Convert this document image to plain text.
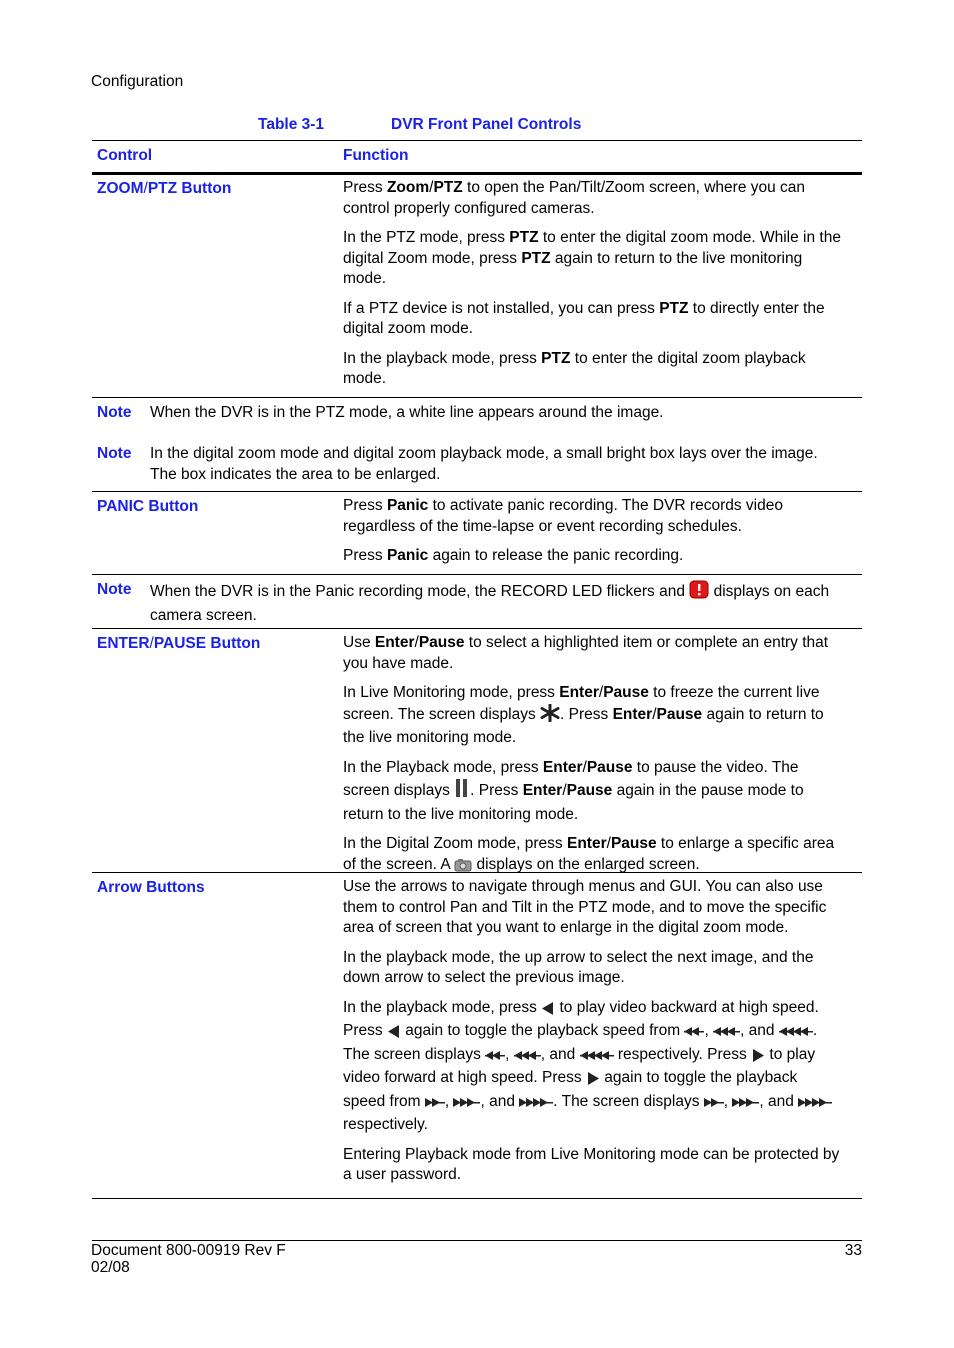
Configuration
Table 3-1	DVR Front Panel Controls
Control	Function
ZOOM/PTZ Button	Press Zoom/PTZ to open the Pan/Tilt/Zoom screen, where you can control properly configured cameras.

In the PTZ mode, press PTZ to enter the digital zoom mode. While in the digital Zoom mode, press PTZ again to return to the live monitoring mode.

If a PTZ device is not installed, you can press PTZ to directly enter the digital zoom mode.

In the playback mode, press PTZ to enter the digital zoom playback mode.

Note When the DVR is in the PTZ mode, a white line appears around the image.
Note In the digital zoom mode and digital zoom playback mode, a small bright box lays over the image. The box indicates the area to be enlarged.
PANIC Button	Press Panic to activate panic recording. The DVR records video regardless of the time-lapse or event recording schedules.

Press Panic again to release the panic recording.

Note When the DVR is in the Panic recording mode, the RECORD LED flickers and  displays on each camera screen.
ENTER/PAUSE Button	Use Enter/Pause to select a highlighted item or complete an entry that you have made.

In Live Monitoring mode, press Enter/Pause to freeze the current live screen. The screen displays . Press Enter/Pause again to return to the live monitoring mode.

In the Playback mode, press Enter/Pause to pause the video. The screen displays . Press Enter/Pause again in the pause mode to return to the live monitoring mode.

In the Digital Zoom mode, press Enter/Pause to enlarge a specific area of the screen. A  displays on the enlarged screen.

Arrow Buttons	Use the arrows to navigate through menus and GUI. You can also use them to control Pan and Tilt in the PTZ mode, and to move the specific area of screen that you want to enlarge in the digital zoom mode.

In the playback mode, the up arrow to select the next image, and the down arrow to select the previous image.

In the playback mode, press  to play video backward at high speed. Press  again to toggle the playback speed from , , and . The screen displays , , and  respectively. Press  to play video forward at high speed. Press  again to toggle the playback speed from , , and . The screen displays , , and  respectively.

Entering Playback mode from Live Monitoring mode can be protected by a user password.

Document 800-00919 Rev F
02/08
33
